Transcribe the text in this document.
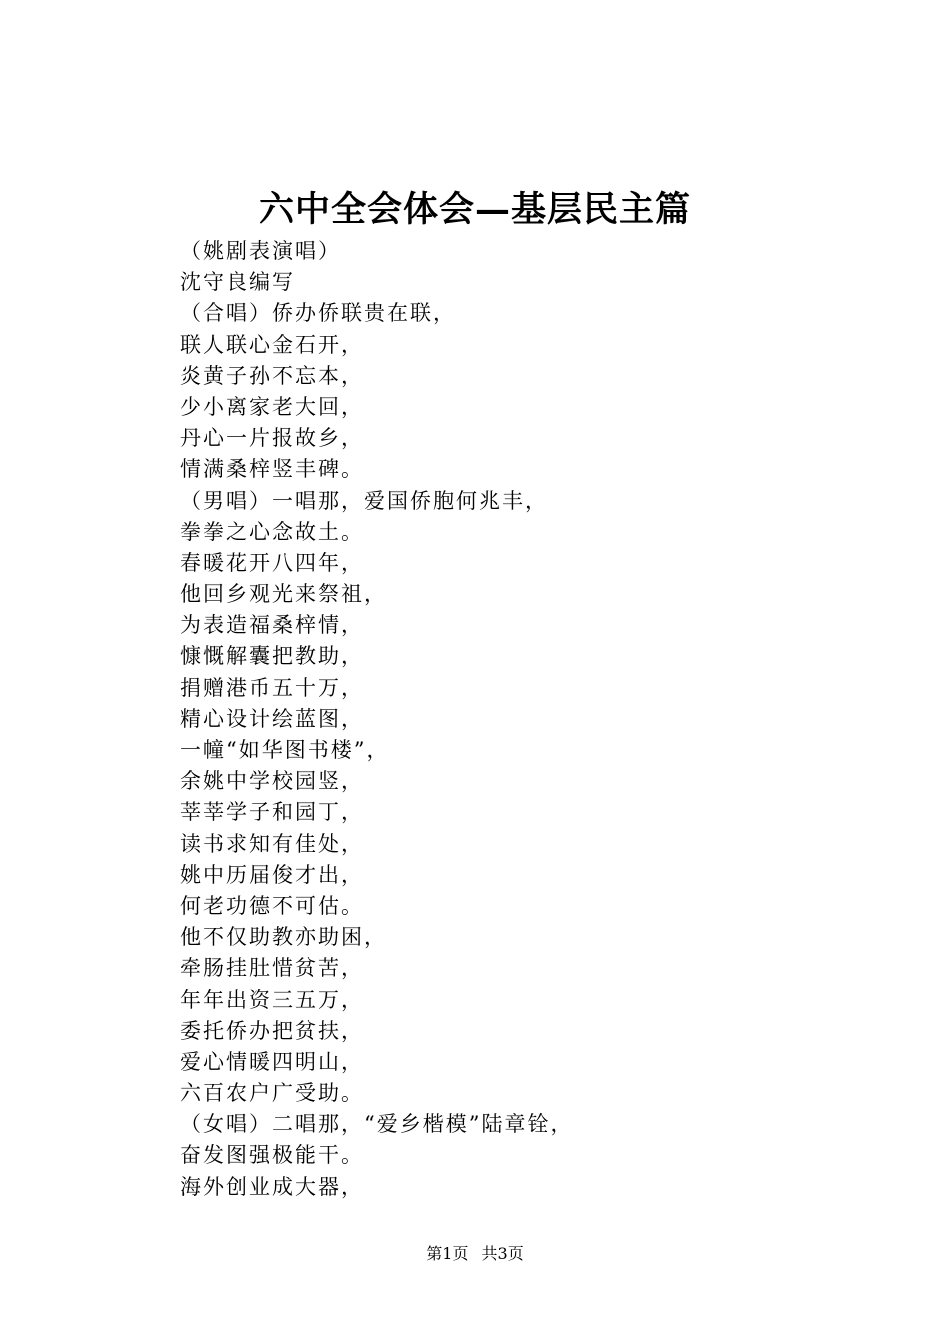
六中全会体会—基层民主篇
（姚剧表演唱）
沈守良编写
（合唱）侨办侨联贵在联，
联人联心金石开，
炎黄子孙不忘本，
少小离家老大回，
丹心一片报故乡，
情满桑梓竖丰碑。
（男唱）一唱那，爱国侨胞何兆丰，
拳拳之心念故土。
春暖花开八四年，
他回乡观光来祭祖，
为表造福桑梓情，
慷慨解囊把教助，
捐赠港币五十万，
精心设计绘蓝图，
一幢“如华图书楼”，
余姚中学校园竖，
莘莘学子和园丁，
读书求知有佳处，
姚中历届俊才出，
何老功德不可估。
他不仅助教亦助困，
牵肠挂肚惜贫苦，
年年出资三五万，
委托侨办把贫扶，
爱心情暖四明山，
六百农户广受助。
（女唱）二唱那，“爱乡楷模”陆章铨，
奋发图强极能干。
海外创业成大器，
第1页 共3页
